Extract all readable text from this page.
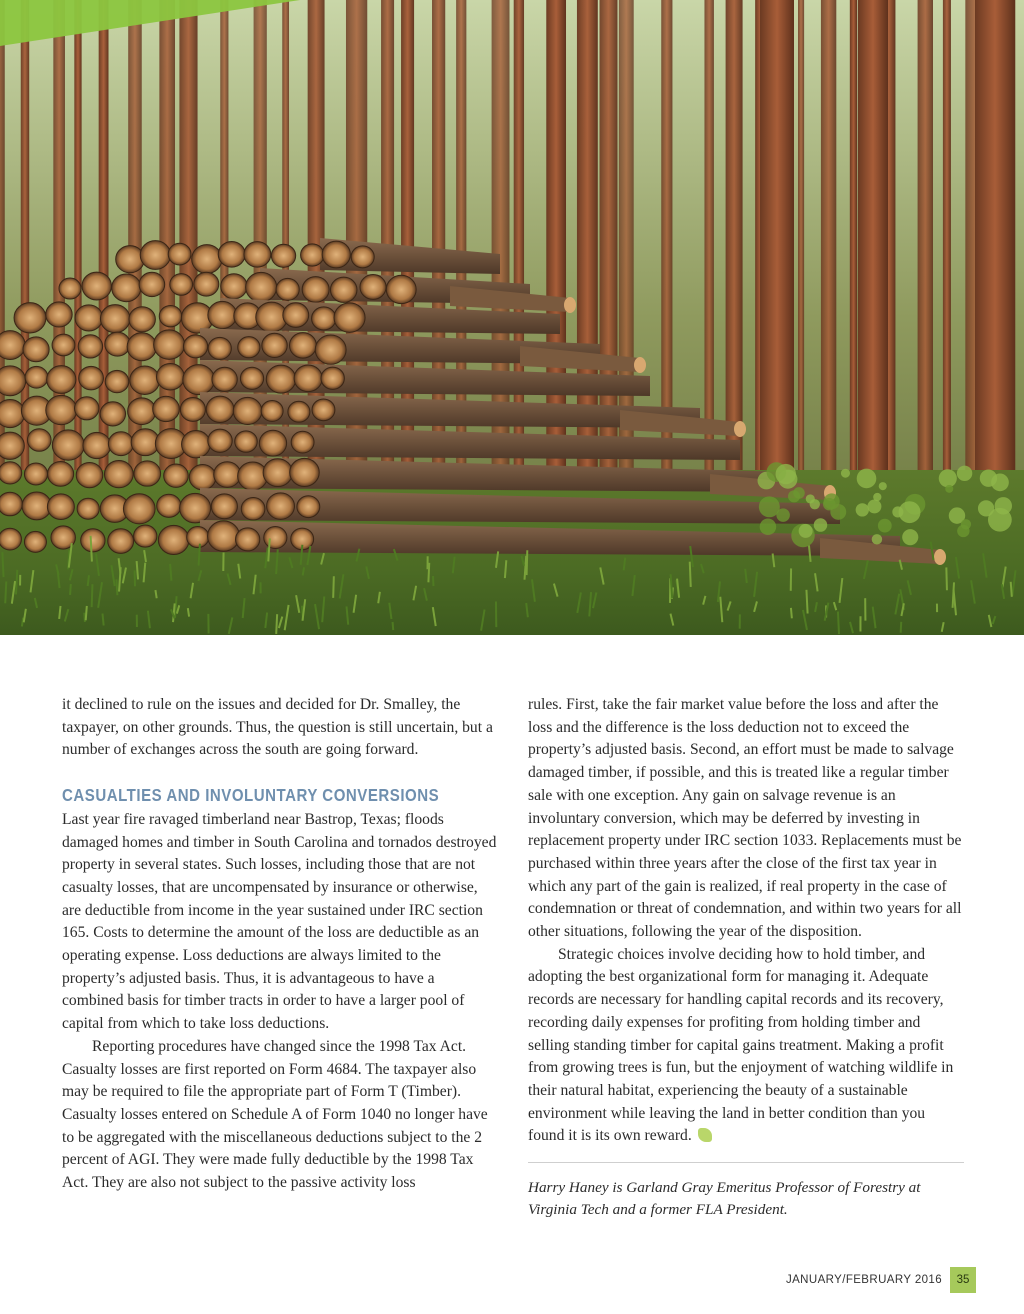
it declined to rule on the issues and decided for Dr. Smalley, the taxpayer, on other grounds. Thus, the question is still uncertain, but a number of exchanges across the south are going forward.

CASUALTIES AND INVOLUNTARY CONVERSIONS

Last year fire ravaged timberland near Bastrop, Texas; floods damaged homes and timber in South Carolina and tornados destroyed property in several states. Such losses, including those that are not casualty losses, that are uncompensated by insurance or otherwise, are deductible from income in the year sustained under IRC section 165. Costs to determine the amount of the loss are deductible as an operating expense. Loss deductions are always limited to the property’s adjusted basis. Thus, it is advantageous to have a combined basis for timber tracts in order to have a larger pool of capital from which to take loss deductions.

Reporting procedures have changed since the 1998 Tax Act. Casualty losses are first reported on Form 4684. The taxpayer also may be required to file the appropriate part of Form T (Timber). Casualty losses entered on Schedule A of Form 1040 no longer have to be aggregated with the miscellaneous deductions subject to the 2 percent of AGI. They were made fully deductible by the 1998 Tax Act. They are also not subject to the passive activity loss

rules. First, take the fair market value before the loss and after the loss and the difference is the loss deduction not to exceed the property’s adjusted basis. Second, an effort must be made to salvage damaged timber, if possible, and this is treated like a regular timber sale with one exception. Any gain on salvage revenue is an involuntary conversion, which may be deferred by investing in replacement property under IRC section 1033. Replacements must be purchased within three years after the close of the first tax year in which any part of the gain is realized, if real property in the case of condemnation or threat of condemnation, and within two years for all other situations, following the year of the disposition.

Strategic choices involve deciding how to hold timber, and adopting the best organizational form for managing it. Adequate records are necessary for handling capital records and its recovery, recording daily expenses for profiting from holding timber and selling standing timber for capital gains treatment. Making a profit from growing trees is fun, but the enjoyment of watching wildlife in their natural habitat, experiencing the beauty of a sustainable environment while leaving the land in better condition than you found it is its own reward.

Harry Haney is Garland Gray Emeritus Professor of Forestry at Virginia Tech and a former FLA President.

JANUARY/FEBRUARY 2016	35
